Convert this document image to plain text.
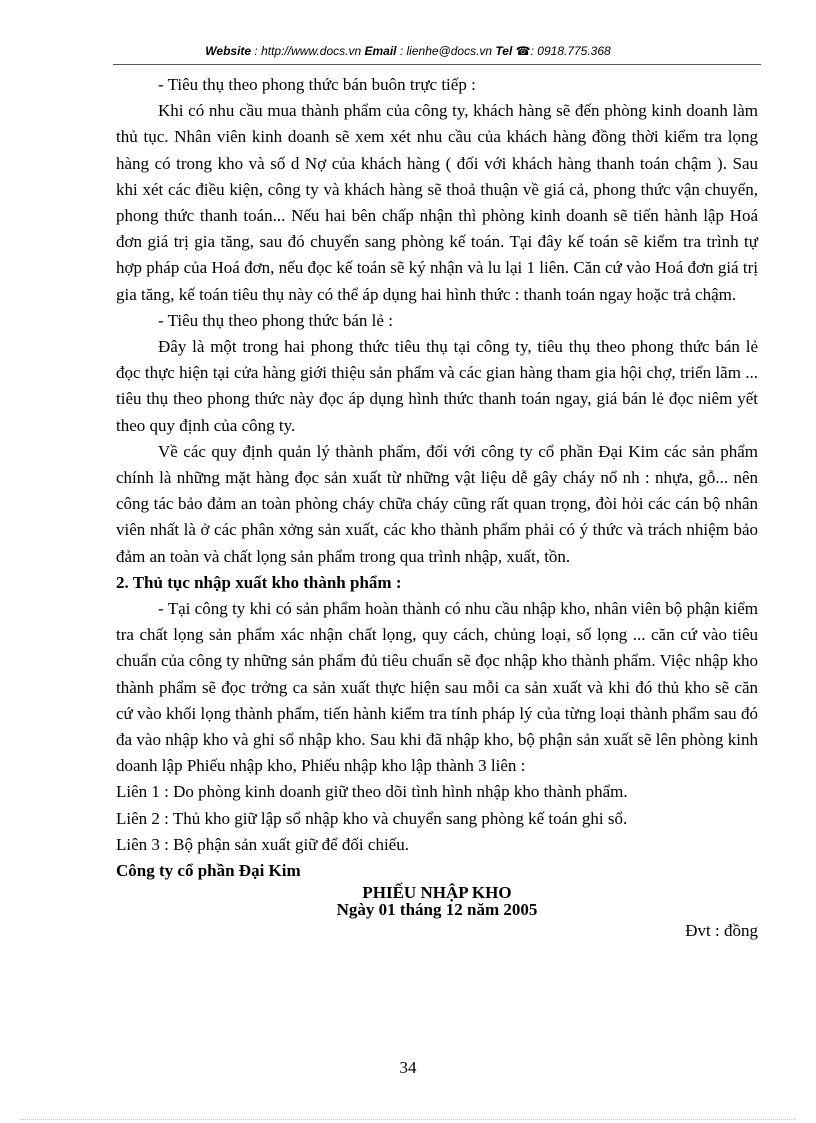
Website : http://www.docs.vn Email : lienhe@docs.vn Tel ☎: 0918.775.368

- Tiêu thụ theo phong thức bán buôn trực tiếp :

Khi có nhu cầu mua thành phẩm của công ty, khách hàng sẽ đến phòng kinh doanh làm thủ tục. Nhân viên kinh doanh sẽ xem xét nhu cầu của khách hàng đồng thời kiểm tra lọng hàng có trong kho và số d Nợ của khách hàng ( đối với khách hàng thanh toán chậm ). Sau khi xét các điều kiện, công ty và khách hàng sẽ thoả thuận về giá cả, phong thức vận chuyển, phong thức thanh toán... Nếu hai bên chấp nhận thì phòng kinh doanh sẽ tiến hành lập Hoá đơn giá trị gia tăng, sau đó chuyển sang phòng kế toán. Tại đây kế toán sẽ kiểm tra trình tự hợp pháp của Hoá đơn, nếu đọc kế toán sẽ ký nhận và lu lại 1 liên. Căn cứ vào Hoá đơn giá trị gia tăng, kế toán tiêu thụ này có thể áp dụng hai hình thức : thanh toán ngay hoặc trả chậm.

- Tiêu thụ theo phong thức bán lẻ :

Đây là một trong hai phong thức tiêu thụ tại công ty, tiêu thụ theo phong thức bán lẻ đọc thực hiện tại cửa hàng giới thiệu sản phẩm và các gian hàng tham gia hội chợ, triển lãm ... tiêu thụ theo phong thức này đọc áp dụng hình thức thanh toán ngay, giá bán lẻ đọc niêm yết theo quy định của công ty.

Về các quy định quản lý thành phẩm, đối với công ty cổ phần Đại Kim các sản phẩm chính là những mặt hàng đọc sản xuất từ những vật liệu dễ gây cháy nổ nh : nhựa, gỗ... nên công tác bảo đảm an toàn phòng cháy chữa cháy cũng rất quan trọng, đòi hỏi các cán bộ nhân viên nhất là ở các phân xởng sản xuất, các kho thành phẩm phải có ý thức và trách nhiệm bảo đảm an toàn và chất lọng sản phẩm trong qua trình nhập, xuất, tồn.

2. Thủ tục nhập xuất kho thành phẩm :

- Tại công ty khi có sản phẩm hoàn thành có nhu cầu nhập kho, nhân viên bộ phận kiểm tra chất lọng sản phẩm xác nhận chất lọng, quy cách, chủng loại, số lọng ... căn cứ vào tiêu chuẩn của công ty những sản phẩm đủ tiêu chuẩn sẽ đọc nhập kho thành phẩm. Việc nhập kho thành phẩm sẽ đọc trởng ca sản xuất thực hiện sau mỗi ca sản xuất và khi đó thủ kho sẽ căn cứ vào khối lọng thành phẩm, tiến hành kiểm tra tính pháp lý của từng loại thành phẩm sau đó đa vào nhập kho và ghi sổ nhập kho. Sau khi đã nhập kho, bộ phận sản xuất sẽ lên phòng kinh doanh lập Phiếu nhập kho, Phiếu nhập kho lập thành 3 liên :

Liên 1 : Do phòng kinh doanh giữ theo dõi tình hình nhập kho thành phẩm.

Liên 2 : Thủ kho giữ lập sổ nhập kho và chuyển sang phòng kế toán ghi sổ.

Liên 3 : Bộ phận sản xuất giữ để đối chiếu.

Công ty cổ phần Đại Kim

PHIẾU NHẬP KHO

Ngày 01 tháng 12 năm 2005

Đvt : đồng

34
